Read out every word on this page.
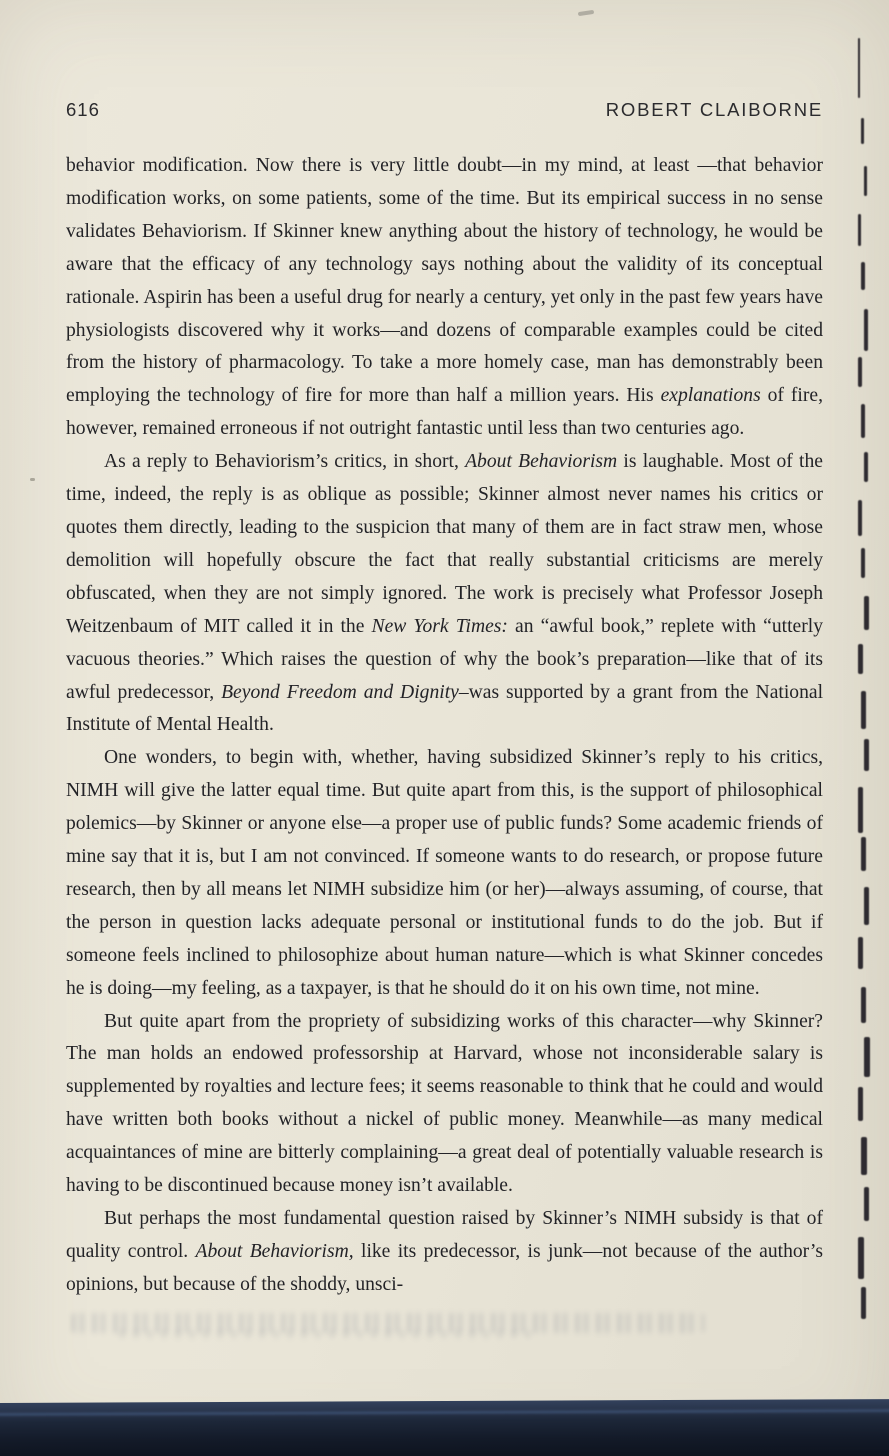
616	ROBERT CLAIBORNE

behavior modification. Now there is very little doubt—in my mind, at least —that behavior modification works, on some patients, some of the time. But its empirical success in no sense validates Behaviorism. If Skinner knew anything about the history of technology, he would be aware that the efficacy of any technology says nothing about the validity of its conceptual rationale. Aspirin has been a useful drug for nearly a century, yet only in the past few years have physiologists discovered why it works—and dozens of comparable examples could be cited from the history of pharmacology. To take a more homely case, man has demonstrably been employing the technology of fire for more than half a million years. His explanations of fire, however, remained erroneous if not outright fantastic until less than two centuries ago.

As a reply to Behaviorism’s critics, in short, About Behaviorism is laughable. Most of the time, indeed, the reply is as oblique as possible; Skinner almost never names his critics or quotes them directly, leading to the suspicion that many of them are in fact straw men, whose demolition will hopefully obscure the fact that really substantial criticisms are merely obfuscated, when they are not simply ignored. The work is precisely what Professor Joseph Weitzenbaum of MIT called it in the New York Times: an “awful book,” replete with “utterly vacuous theories.” Which raises the question of why the book’s preparation—like that of its awful predecessor, Beyond Freedom and Dignity–was supported by a grant from the National Institute of Mental Health.

One wonders, to begin with, whether, having subsidized Skinner’s reply to his critics, NIMH will give the latter equal time. But quite apart from this, is the support of philosophical polemics—by Skinner or anyone else—a proper use of public funds? Some academic friends of mine say that it is, but I am not convinced. If someone wants to do research, or propose future research, then by all means let NIMH subsidize him (or her)—always assuming, of course, that the person in question lacks adequate personal or institutional funds to do the job. But if someone feels inclined to philosophize about human nature—which is what Skinner concedes he is doing—my feeling, as a taxpayer, is that he should do it on his own time, not mine.

But quite apart from the propriety of subsidizing works of this character—why Skinner? The man holds an endowed professorship at Harvard, whose not inconsiderable salary is supplemented by royalties and lecture fees; it seems reasonable to think that he could and would have written both books without a nickel of public money. Meanwhile—as many medical acquaintances of mine are bitterly complaining—a great deal of potentially valuable research is having to be discontinued because money isn’t available.

But perhaps the most fundamental question raised by Skinner’s NIMH subsidy is that of quality control. About Behaviorism, like its predecessor, is junk—not because of the author’s opinions, but because of the shoddy, unsci-
